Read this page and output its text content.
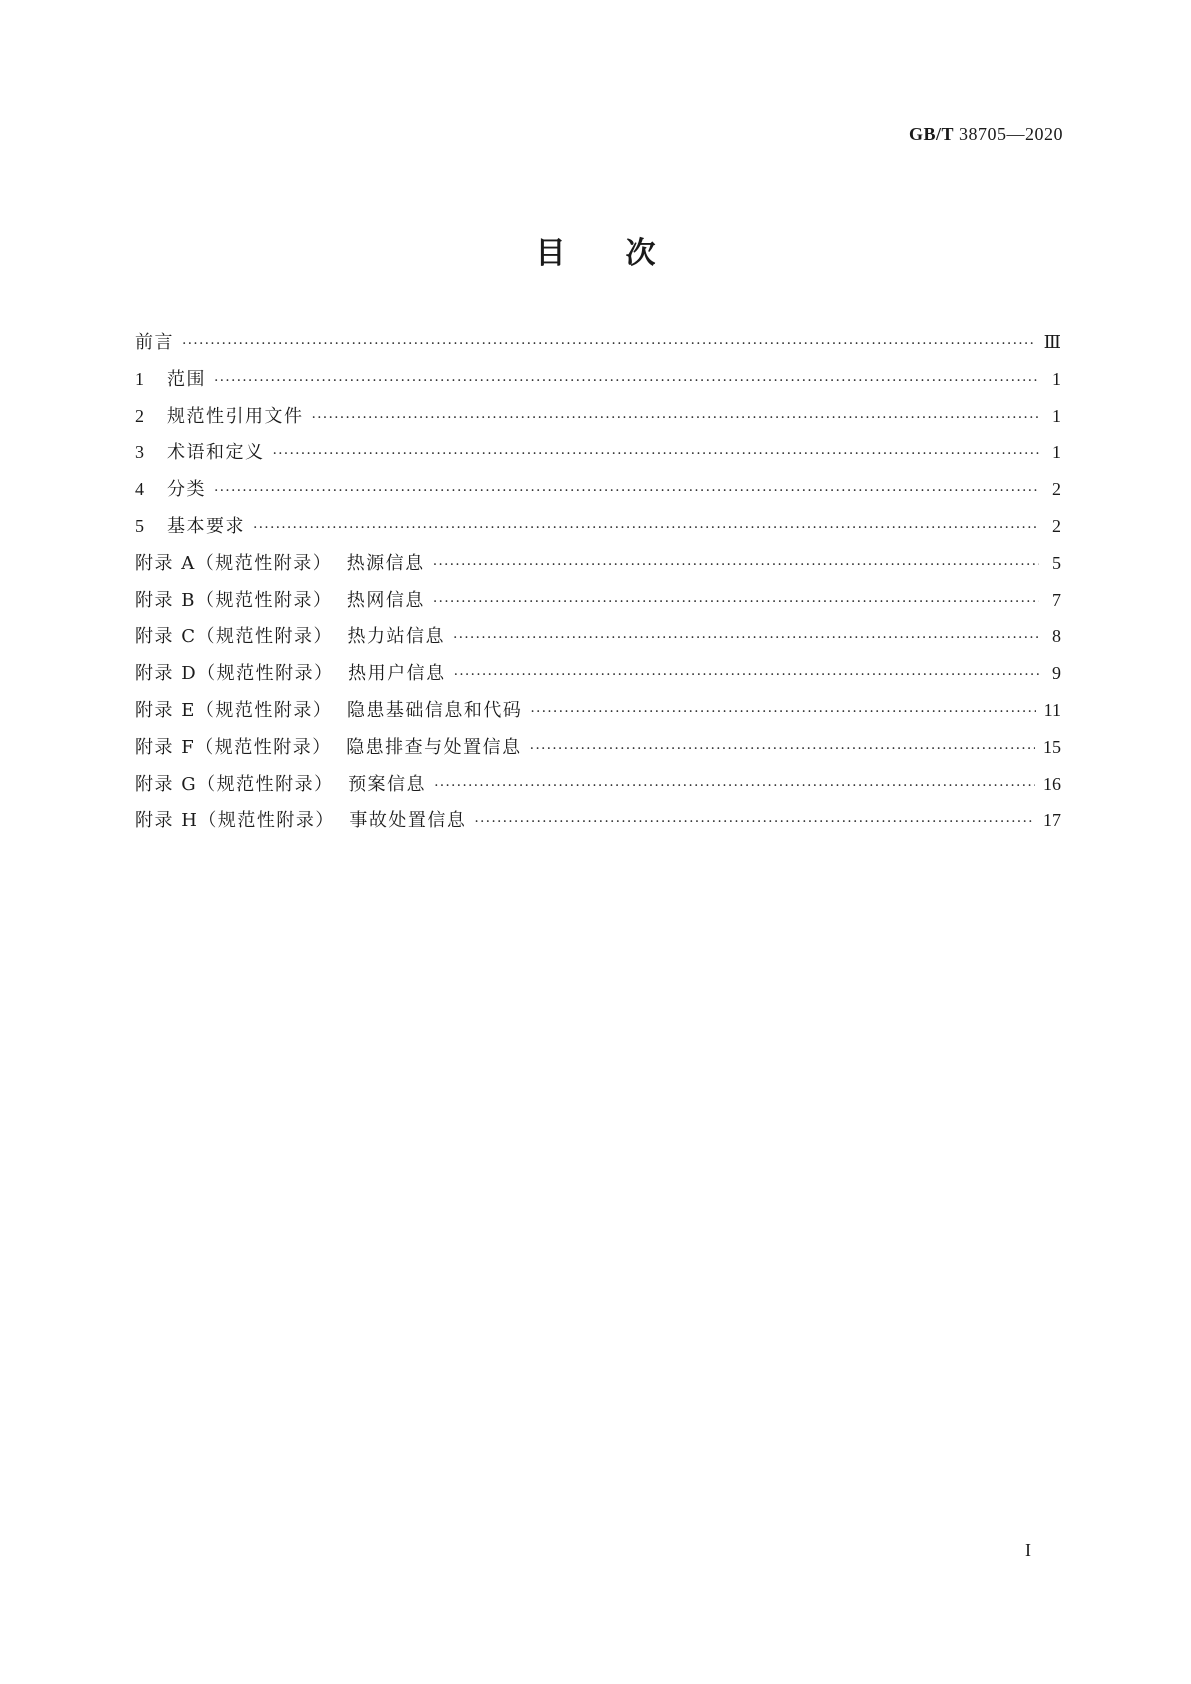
GB/T 38705—2020
目次
前言 ·····	Ⅲ
1 范围 ·····	1
2 规范性引用文件 ·····	1
3 术语和定义 ·····	1
4 分类 ·····	2
5 基本要求 ·····	2
附录 A（规范性附录） 热源信息 ·····	5
附录 B（规范性附录） 热网信息 ·····	7
附录 C（规范性附录） 热力站信息 ·····	8
附录 D（规范性附录） 热用户信息 ·····	9
附录 E（规范性附录） 隐患基础信息和代码 ·····	11
附录 F（规范性附录） 隐患排查与处置信息 ·····	15
附录 G（规范性附录） 预案信息 ·····	16
附录 H（规范性附录） 事故处置信息 ·····	17
I
